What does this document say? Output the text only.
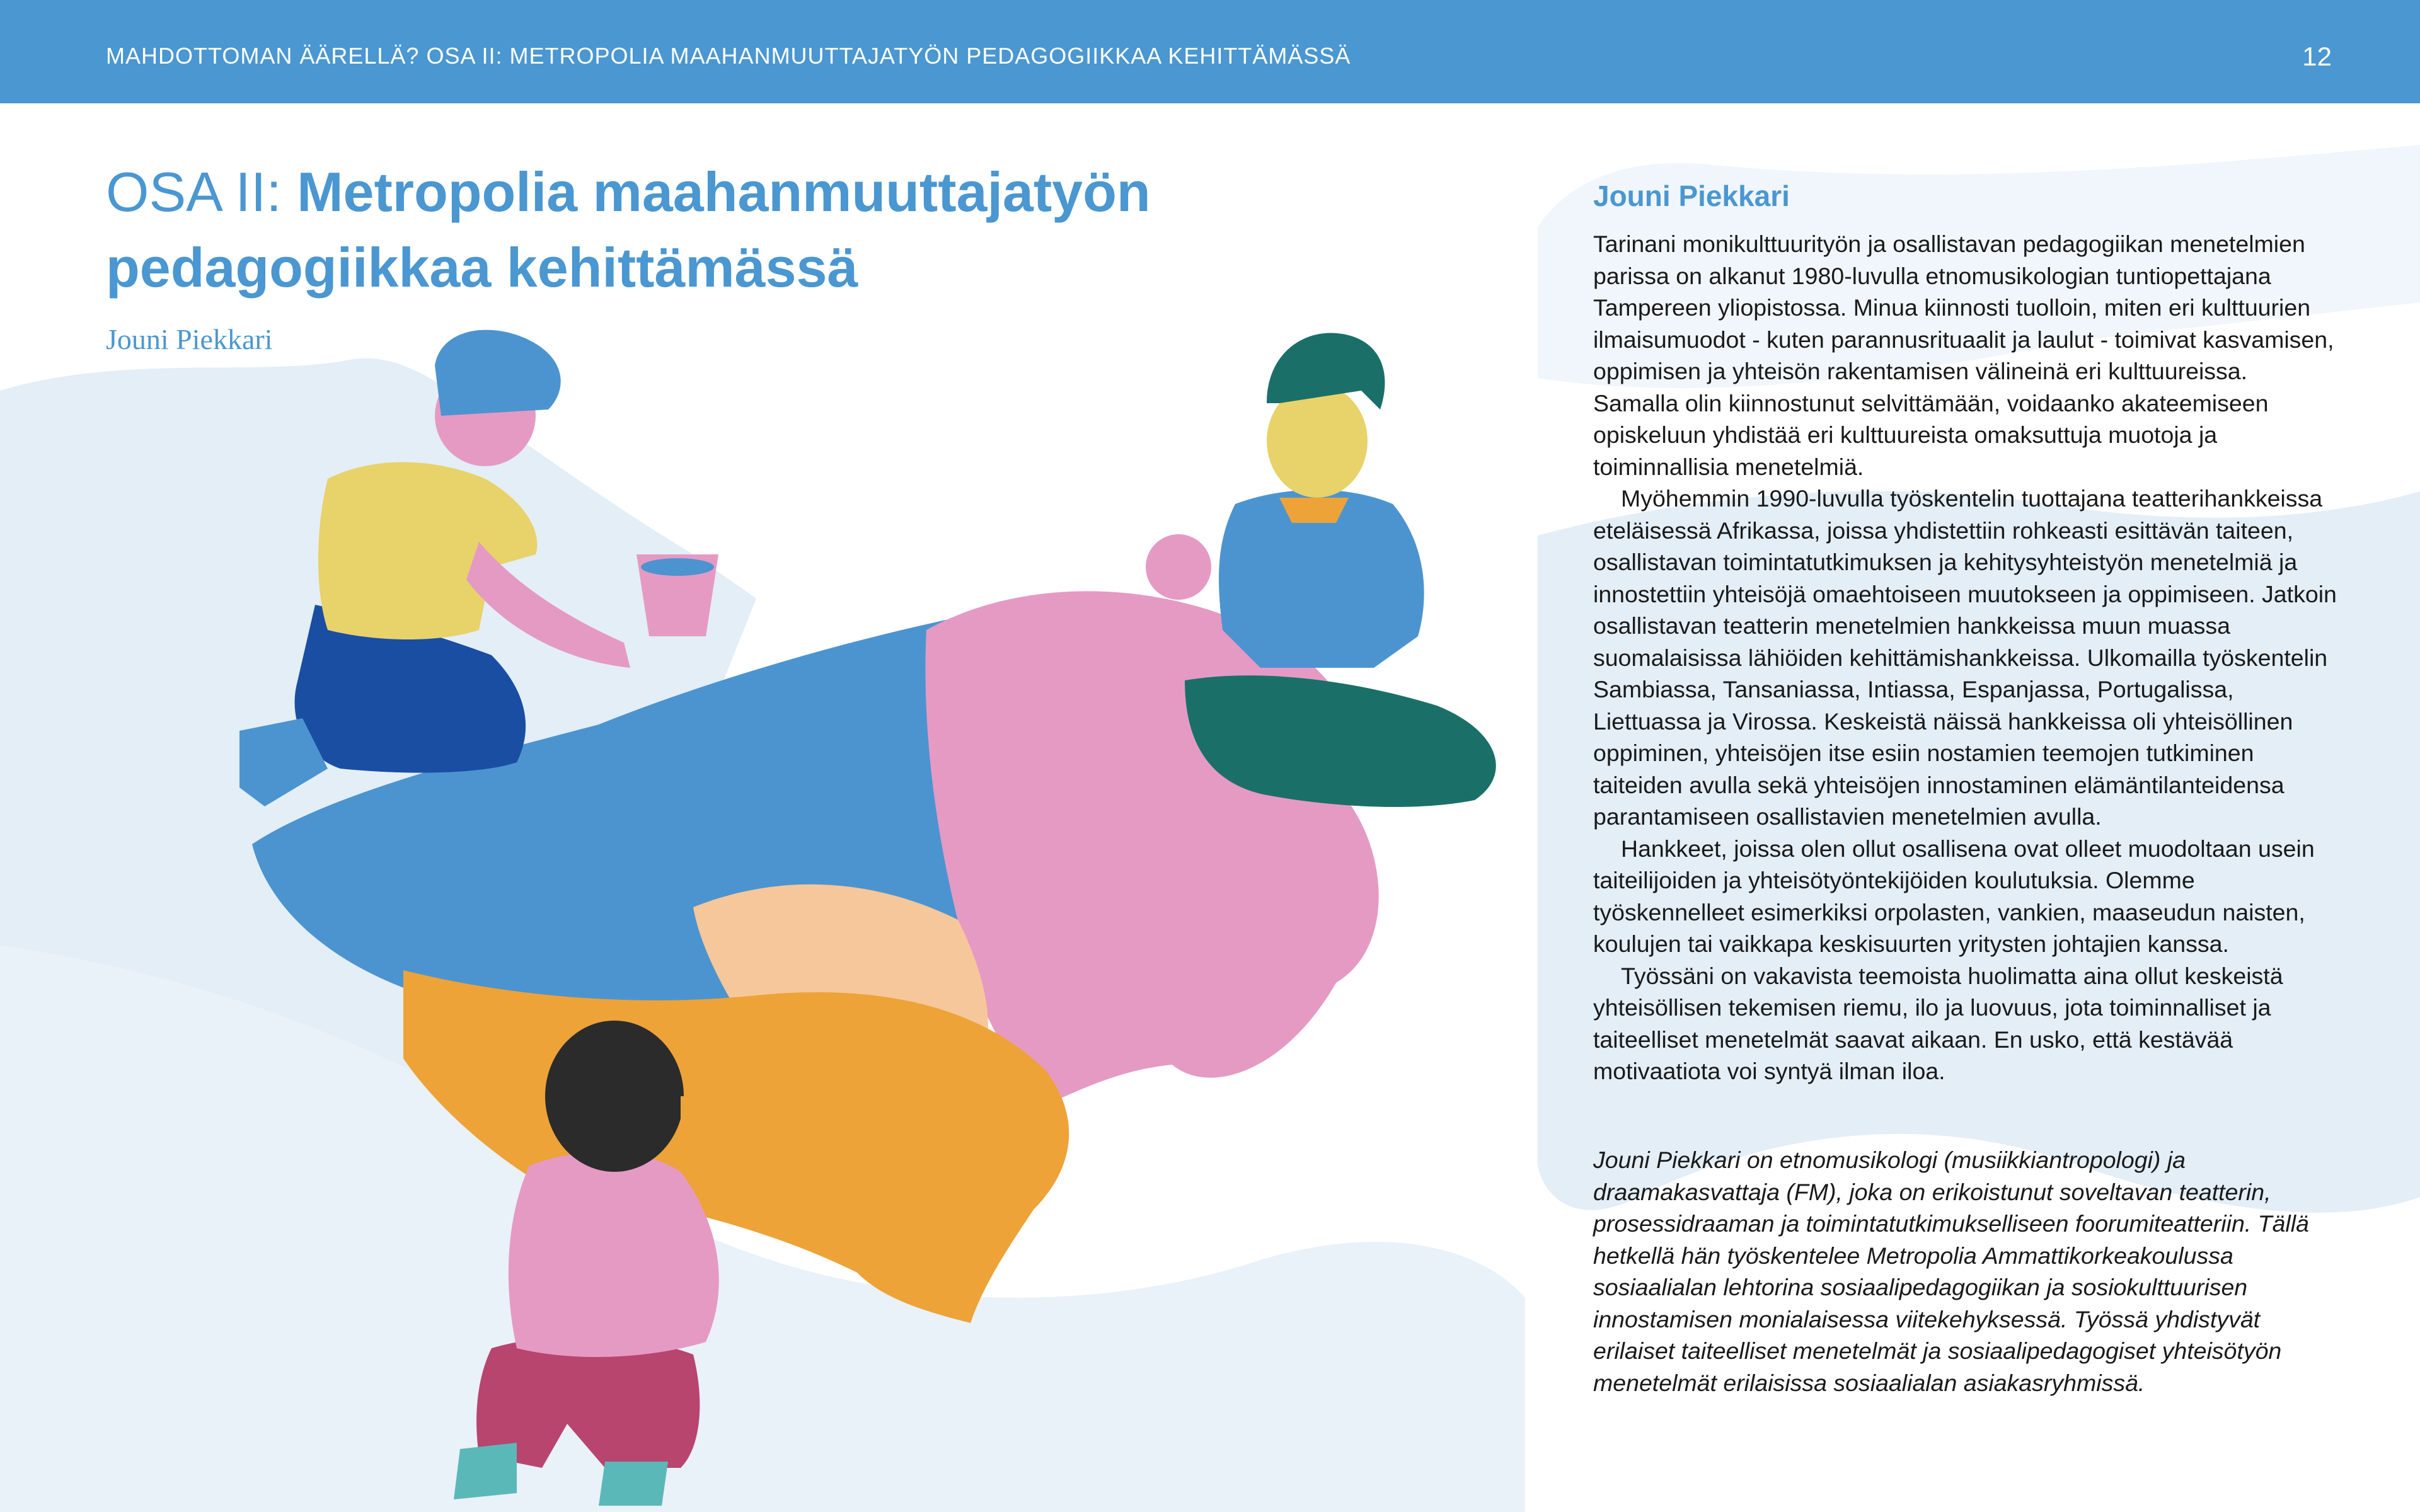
MAHDOTTOMAN ÄÄRELLÄ? OSA II: METROPOLIA MAAHANMUUTTAJATYÖN PEDAGOGIIKKAA KEHITTÄMÄSSÄ	12
OSA II: Metropolia maahanmuuttajatyön pedagogiikkaa kehittämässä
Jouni Piekkari
Jouni Piekkari

Tarinani monikulttuurityön ja osallistavan pedagogiikan menetelmien parissa on alkanut 1980-luvulla etnomusikologian tuntiopettajana Tampereen yliopistossa. Minua kiinnosti tuolloin, miten eri kulttuurien ilmaisumuodot - kuten parannusrituaalit ja laulut - toimivat kasvamisen, oppimisen ja yhteisön rakentamisen välineinä eri kulttuureissa. Samalla olin kiinnostunut selvittämään, voidaanko akateemiseen opiskeluun yhdistää eri kulttuureista omaksuttuja muotoja ja toiminnallisia menetelmiä.

Myöhemmin 1990-luvulla työskentelin tuottajana teatterihankkeissa eteläisessä Afrikassa, joissa yhdistettiin rohkeasti esittävän taiteen, osallistavan toimintatutkimuksen ja kehitysyhteistyön menetelmiä ja innostettiin yhteisöjä omaehtoiseen muutokseen ja oppimiseen. Jatkoin osallistavan teatterin menetelmien hankkeissa muun muassa suomalaisissa lähiöiden kehittämishankkeissa. Ulkomailla työskentelin Sambiassa, Tansaniassa, Intiassa, Espanjassa, Portugalissa, Liettuassa ja Virossa. Keskeistä näissä hankkeissa oli yhteisöllinen oppiminen, yhteisöjen itse esiin nostamien teemojen tutkiminen taiteiden avulla sekä yhteisöjen innostaminen elämäntilanteidensa parantamiseen osallistavien menetelmien avulla.

Hankkeet, joissa olen ollut osallisena ovat olleet muodoltaan usein taiteilijoiden ja yhteisötyöntekijöiden koulutuksia. Olemme työskennelleet esimerkiksi orpolasten, vankien, maaseudun naisten, koulujen tai vaikkapa keskisuurten yritysten johtajien kanssa.

Työssäni on vakavista teemoista huolimatta aina ollut keskeistä yhteisöllisen tekemisen riemu, ilo ja luovuus, jota toiminnalliset ja taiteelliset menetelmät saavat aikaan. En usko, että kestävää motivaatiota voi syntyä ilman iloa.

Jouni Piekkari on etnomusikologi (musiikkiantropologi) ja draamakasvattaja (FM), joka on erikoistunut soveltavan teatterin, prosessidraaman ja toimintatutkimukselliseen foorumiteatteriin. Tällä hetkellä hän työskentelee Metropolia Ammattikorkeakoulussa sosiaalialan lehtorina sosiaalipedagogiikan ja sosiokulttuurisen innostamisen monialaisessa viitekehyksessä. Työssä yhdistyvät erilaiset taiteelliset menetelmät ja sosiaalipedagogiset yhteisötyön menetelmät erilaisissa sosiaalialan asiakasryhmissä.
